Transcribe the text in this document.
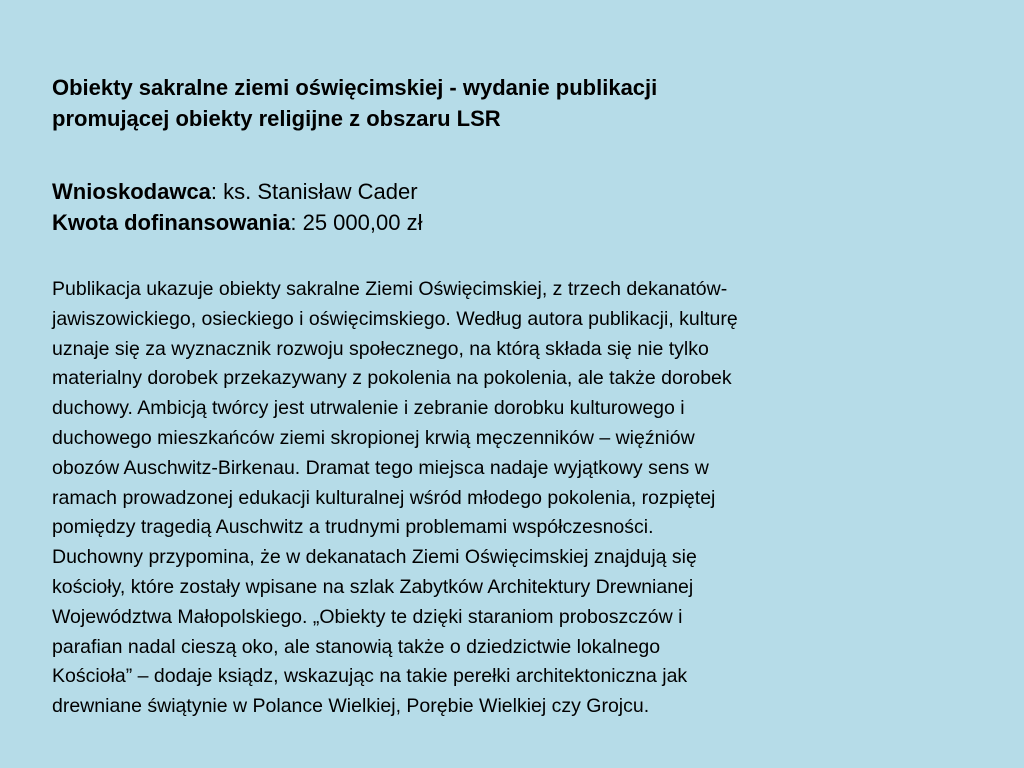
Obiekty sakralne ziemi oświęcimskiej - wydanie publikacji
promującej obiekty religijne z obszaru LSR
Wnioskodawca: ks. Stanisław Cader
Kwota dofinansowania: 25 000,00 zł

Publikacja ukazuje obiekty sakralne Ziemi Oświęcimskiej, z trzech dekanatów-
jawiszowickiego, osieckiego i oświęcimskiego. Według autora publikacji, kulturę
uznaje się za wyznacznik rozwoju społecznego, na którą składa się nie tylko
materialny dorobek przekazywany z pokolenia na pokolenia, ale także dorobek
duchowy. Ambicją twórcy jest utrwalenie i zebranie dorobku kulturowego i
duchowego mieszkańców ziemi skropionej krwią męczenników – więźniów
obozów Auschwitz-Birkenau. Dramat tego miejsca nadaje wyjątkowy sens w
ramach prowadzonej edukacji kulturalnej wśród młodego pokolenia, rozpiętej
pomiędzy tragedią Auschwitz a trudnymi problemami współczesności.
Duchowny przypomina, że w dekanatach Ziemi Oświęcimskiej znajdują się
kościoły, które zostały wpisane na szlak Zabytków Architektury Drewnianej
Województwa Małopolskiego. „Obiekty te dzięki staraniom proboszczów i
parafian nadal cieszą oko, ale stanowią także o dziedzictwie lokalnego
Kościoła” – dodaje ksiądz, wskazując na takie perełki architektoniczna jak
drewniane świątynie w Polance Wielkiej, Porębie Wielkiej czy Grojcu.
